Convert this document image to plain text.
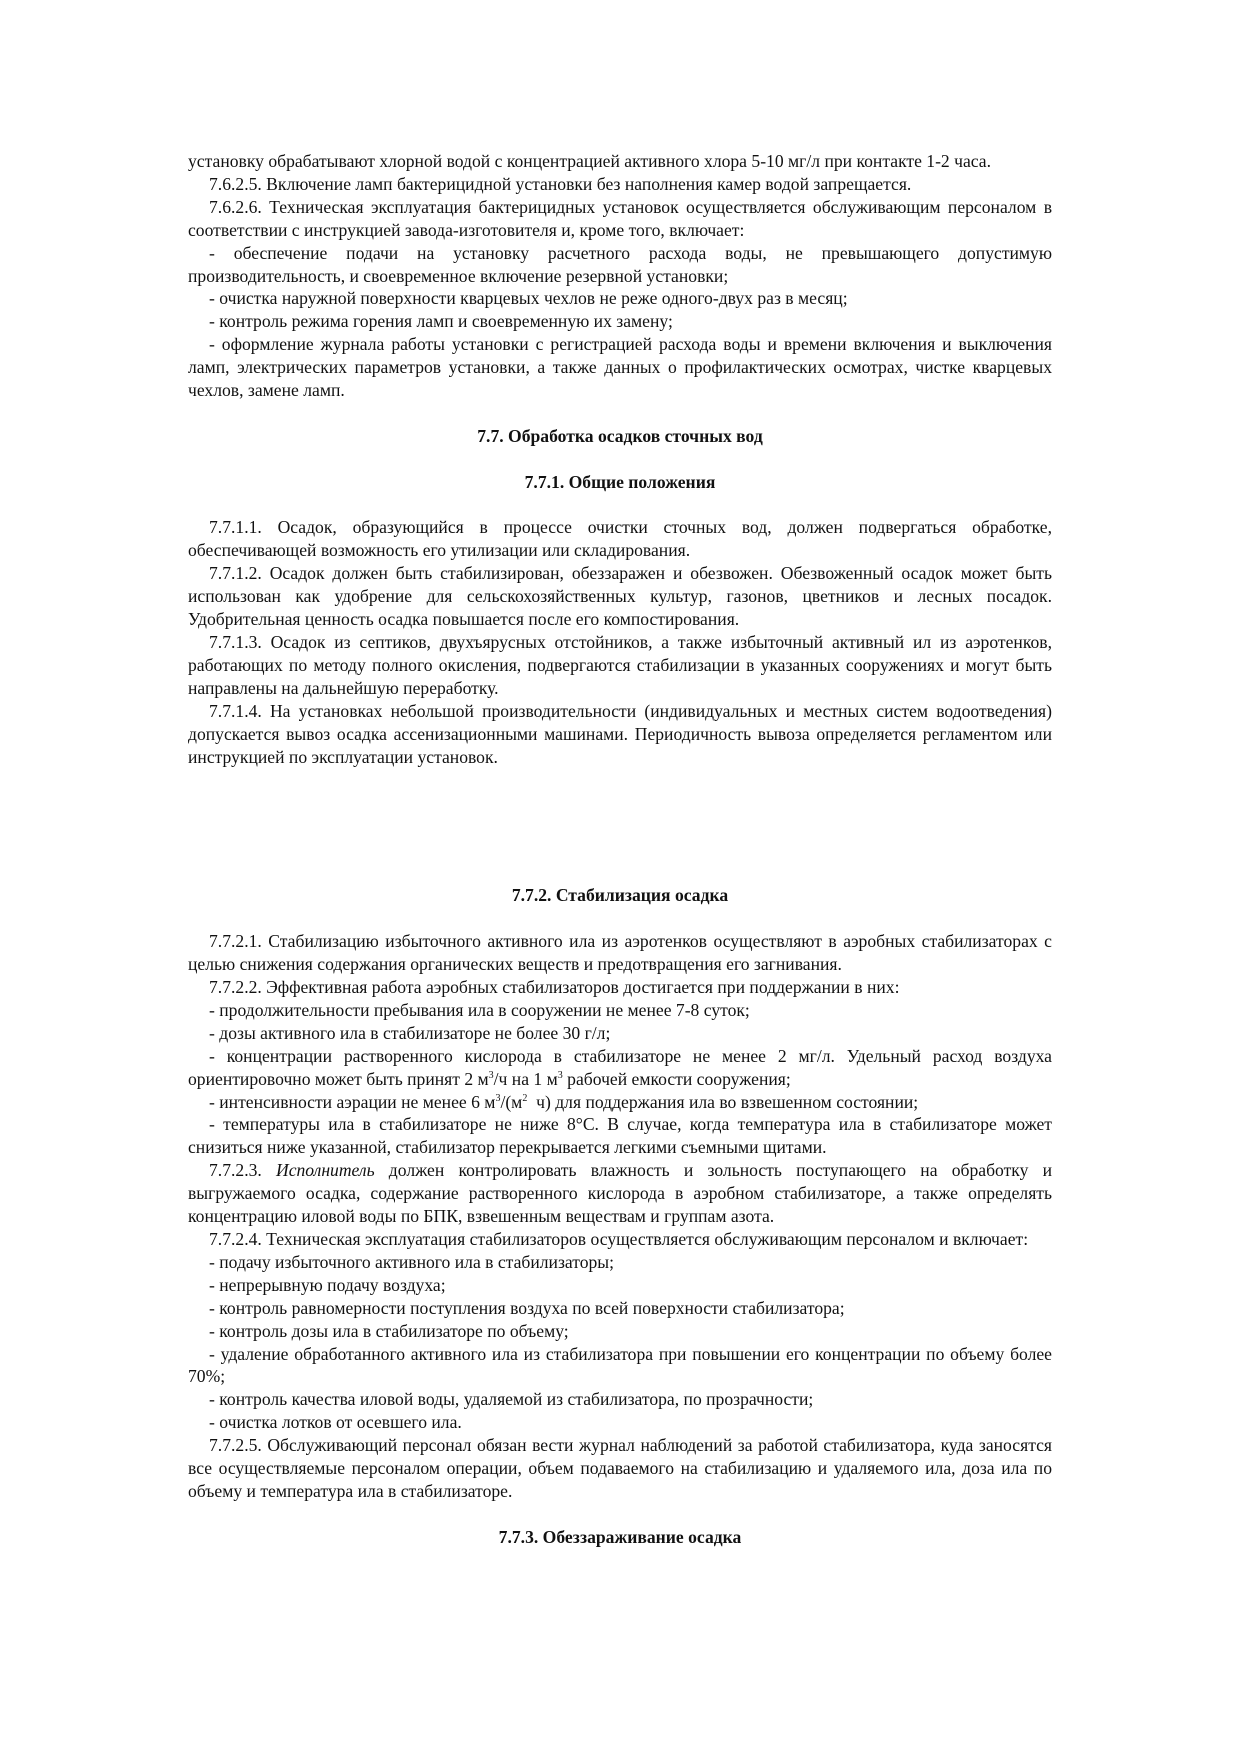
установку обрабатывают хлорной водой с концентрацией активного хлора 5-10 мг/л при контакте 1-2 часа.

7.6.2.5. Включение ламп бактерицидной установки без наполнения камер водой запрещается.

7.6.2.6. Техническая эксплуатация бактерицидных установок осуществляется обслуживающим персоналом в соответствии с инструкцией завода-изготовителя и, кроме того, включает:

- обеспечение подачи на установку расчетного расхода воды, не превышающего допустимую производительность, и своевременное включение резервной установки;

- очистка наружной поверхности кварцевых чехлов не реже одного-двух раз в месяц;

- контроль режима горения ламп и своевременную их замену;

- оформление журнала работы установки с регистрацией расхода воды и времени включения и выключения ламп, электрических параметров установки, а также данных о профилактических осмотрах, чистке кварцевых чехлов, замене ламп.

7.7. Обработка осадков сточных вод
7.7.1. Общие положения

7.7.1.1. Осадок, образующийся в процессе очистки сточных вод, должен подвергаться обработке, обеспечивающей возможность его утилизации или складирования.

7.7.1.2. Осадок должен быть стабилизирован, обеззаражен и обезвожен. Обезвоженный осадок может быть использован как удобрение для сельскохозяйственных культур, газонов, цветников и лесных посадок. Удобрительная ценность осадка повышается после его компостирования.

7.7.1.3. Осадок из септиков, двухъярусных отстойников, а также избыточный активный ил из аэротенков, работающих по методу полного окисления, подвергаются стабилизации в указанных сооружениях и могут быть направлены на дальнейшую переработку.

7.7.1.4. На установках небольшой производительности (индивидуальных и местных систем водоотведения) допускается вывоз осадка ассенизационными машинами. Периодичность вывоза определяется регламентом или инструкцией по эксплуатации установок.

7.7.2. Стабилизация осадка

7.7.2.1. Стабилизацию избыточного активного ила из аэротенков осуществляют в аэробных стабилизаторах с целью снижения содержания органических веществ и предотвращения его загнивания.

7.7.2.2. Эффективная работа аэробных стабилизаторов достигается при поддержании в них:

- продолжительности пребывания ила в сооружении не менее 7-8 суток;

- дозы активного ила в стабилизаторе не более 30 г/л;

- концентрации растворенного кислорода в стабилизаторе не менее 2 мг/л. Удельный расход воздуха ориентировочно может быть принят 2 $м^3/ч$ на 1 $м^3$ рабочей емкости сооружения;

- интенсивности аэрации не менее 6 $м^3/(м^2$  ч) для поддержания ила во взвешенном состоянии;

- температуры ила в стабилизаторе не ниже 8°C. В случае, когда температура ила в стабилизаторе может снизиться ниже указанной, стабилизатор перекрывается легкими съемными щитами.

7.7.2.3. Исполнитель должен контролировать влажность и зольность поступающего на обработку и выгружаемого осадка, содержание растворенного кислорода в аэробном стабилизаторе, а также определять концентрацию иловой воды по БПК, взвешенным веществам и группам азота.

7.7.2.4. Техническая эксплуатация стабилизаторов осуществляется обслуживающим персоналом и включает:

- подачу избыточного активного ила в стабилизаторы;

- непрерывную подачу воздуха;

- контроль равномерности поступления воздуха по всей поверхности стабилизатора;

- контроль дозы ила в стабилизаторе по объему;

- удаление обработанного активного ила из стабилизатора при повышении его концентрации по объему более 70%;

- контроль качества иловой воды, удаляемой из стабилизатора, по прозрачности;

- очистка лотков от осевшего ила.

7.7.2.5. Обслуживающий персонал обязан вести журнал наблюдений за работой стабилизатора, куда заносятся все осуществляемые персоналом операции, объем подаваемого на стабилизацию и удаляемого ила, доза ила по объему и температура ила в стабилизаторе.

7.7.3. Обеззараживание осадка
